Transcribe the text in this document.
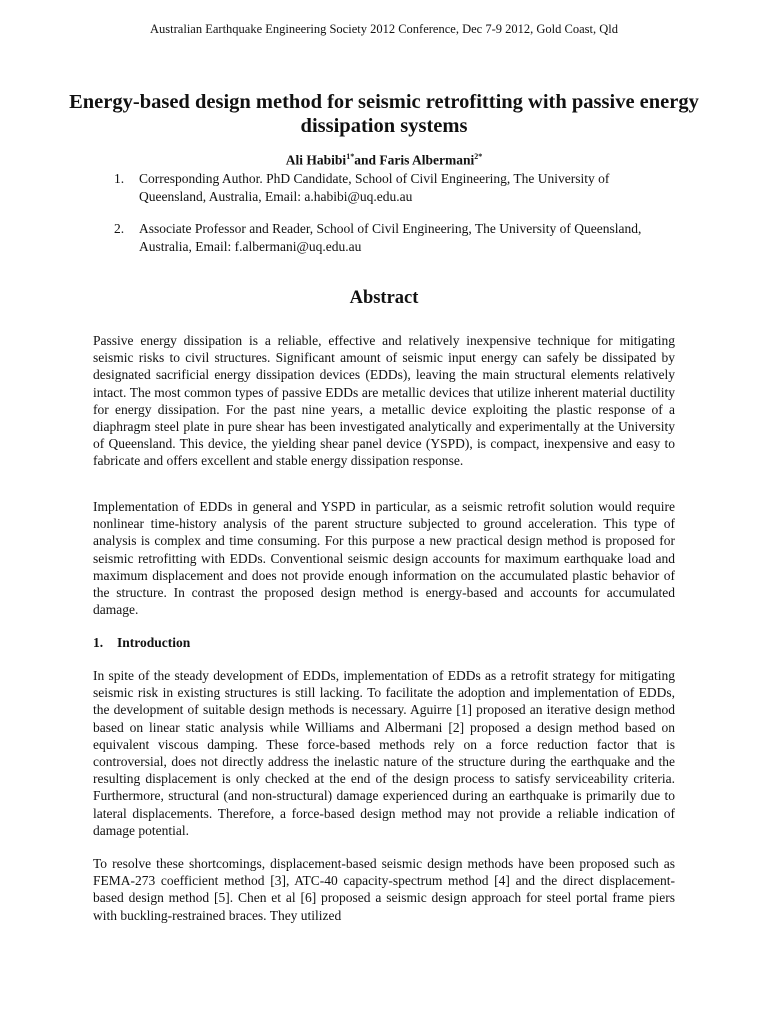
Australian Earthquake Engineering Society 2012 Conference, Dec 7-9 2012, Gold Coast, Qld
Energy-based design method for seismic retrofitting with passive energy dissipation systems
Ali Habibi$^{1*}$and Faris Albermani$^{2*}$
1. Corresponding Author. PhD Candidate, School of Civil Engineering, The University of Queensland, Australia, Email: a.habibi@uq.edu.au
2. Associate Professor and Reader, School of Civil Engineering, The University of Queensland, Australia, Email: f.albermani@uq.edu.au
Abstract

Passive energy dissipation is a reliable, effective and relatively inexpensive technique for mitigating seismic risks to civil structures. Significant amount of seismic input energy can safely be dissipated by designated sacrificial energy dissipation devices (EDDs), leaving the main structural elements relatively intact. The most common types of passive EDDs are metallic devices that utilize inherent material ductility for energy dissipation. For the past nine years, a metallic device exploiting the plastic response of a diaphragm steel plate in pure shear has been investigated analytically and experimentally at the University of Queensland. This device, the yielding shear panel device (YSPD), is compact, inexpensive and easy to fabricate and offers excellent and stable energy dissipation response.

Implementation of EDDs in general and YSPD in particular, as a seismic retrofit solution would require nonlinear time-history analysis of the parent structure subjected to ground acceleration. This type of analysis is complex and time consuming. For this purpose a new practical design method is proposed for seismic retrofitting with EDDs. Conventional seismic design accounts for maximum earthquake load and maximum displacement and does not provide enough information on the accumulated plastic behavior of the structure. In contrast the proposed design method is energy-based and accounts for accumulated damage.

1. Introduction

In spite of the steady development of EDDs, implementation of EDDs as a retrofit strategy for mitigating seismic risk in existing structures is still lacking. To facilitate the adoption and implementation of EDDs, the development of suitable design methods is necessary. Aguirre [1] proposed an iterative design method based on linear static analysis while Williams and Albermani [2] proposed a design method based on equivalent viscous damping. These force-based methods rely on a force reduction factor that is controversial, does not directly address the inelastic nature of the structure during the earthquake and the resulting displacement is only checked at the end of the design process to satisfy serviceability criteria. Furthermore, structural (and non-structural) damage experienced during an earthquake is primarily due to lateral displacements. Therefore, a force-based design method may not provide a reliable indication of damage potential.

To resolve these shortcomings, displacement-based seismic design methods have been proposed such as FEMA-273 coefficient method [3], ATC-40 capacity-spectrum method [4] and the direct displacement-based design method [5]. Chen et al [6] proposed a seismic design approach for steel portal frame piers with buckling-restrained braces. They utilized
